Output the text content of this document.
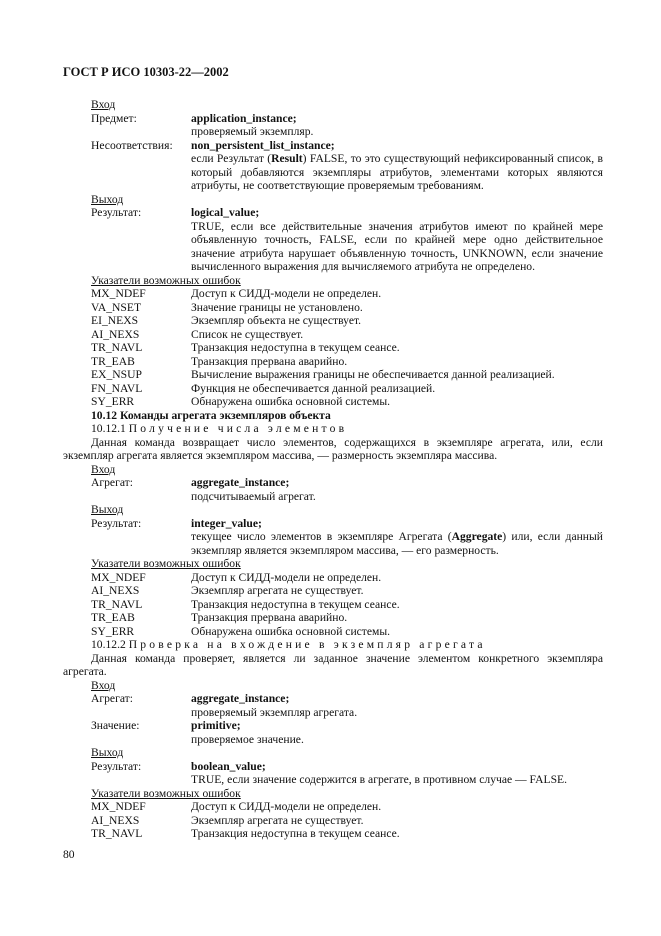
ГОСТ Р ИСО 10303-22—2002
Вход
Предмет:	application_instance;
проверяемый экземпляр.
Несоответствия:	non_persistent_list_instance;
если Результат (Result) FALSE, то это существующий нефиксированный список, в который добавляются экземпляры атрибутов, элементами которых являются атрибуты, не соответствующие проверяемым требованиям.
Выход
Результат:	logical_value;
TRUE, если все действительные значения атрибутов имеют по крайней мере объявленную точность, FALSE, если по крайней мере одно действительное значение атрибута нарушает объявленную точность, UNKNOWN, если значение вычисленного выражения для вычисляемого атрибута не определено.
Указатели возможных ошибок
MX_NDEF	Доступ к СИДД-модели не определен.
VA_NSET	Значение границы не установлено.
EI_NEXS	Экземпляр объекта не существует.
AI_NEXS	Список не существует.
TR_NAVL	Транзакция недоступна в текущем сеансе.
TR_EAB	Транзакция прервана аварийно.
EX_NSUP	Вычисление выражения границы не обеспечивается данной реализацией.
FN_NAVL	Функция не обеспечивается данной реализацией.
SY_ERR	Обнаружена ошибка основной системы.
10.12 Команды агрегата экземпляров объекта
10.12.1 Получение числа элементов
Данная команда возвращает число элементов, содержащихся в экземпляре агрегата, или, если экземпляр агрегата является экземпляром массива, — размерность экземпляра массива.
Вход
Агрегат:	aggregate_instance;
подсчитываемый агрегат.
Выход
Результат:	integer_value;
текущее число элементов в экземпляре Агрегата (Aggregate) или, если данный экземпляр является экземпляром массива, — его размерность.
Указатели возможных ошибок
MX_NDEF	Доступ к СИДД-модели не определен.
AI_NEXS	Экземпляр агрегата не существует.
TR_NAVL	Транзакция недоступна в текущем сеансе.
TR_EAB	Транзакция прервана аварийно.
SY_ERR	Обнаружена ошибка основной системы.
10.12.2 Проверка на вхождение в экземпляр агрегата
Данная команда проверяет, является ли заданное значение элементом конкретного экземпляра агрегата.
Вход
Агрегат:	aggregate_instance;
проверяемый экземпляр агрегата.
Значение:	primitive;
проверяемое значение.
Выход
Результат:	boolean_value;
TRUE, если значение содержится в агрегате, в противном случае — FALSE.
Указатели возможных ошибок
MX_NDEF	Доступ к СИДД-модели не определен.
AI_NEXS	Экземпляр агрегата не существует.
TR_NAVL	Транзакция недоступна в текущем сеансе.
80
